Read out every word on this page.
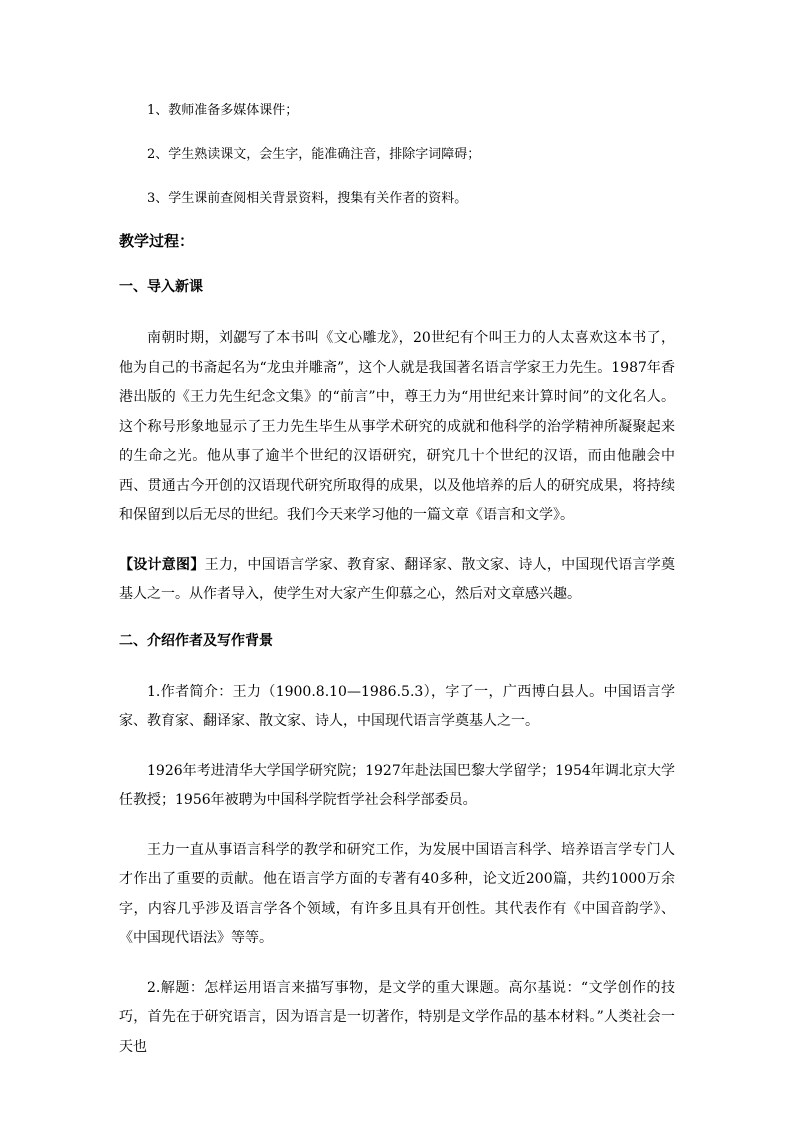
1、教师准备多媒体课件；

2、学生熟读课文，会生字，能准确注音，排除字词障碍；

3、学生课前查阅相关背景资料，搜集有关作者的资料。

教学过程：

一、导入新课

南朝时期，刘勰写了本书叫《文心雕龙》，20世纪有个叫王力的人太喜欢这本书了，他为自己的书斋起名为“龙虫并雕斋”，这个人就是我国著名语言学家王力先生。1987年香港出版的《王力先生纪念文集》的“前言”中，尊王力为“用世纪来计算时间”的文化名人。这个称号形象地显示了王力先生毕生从事学术研究的成就和他科学的治学精神所凝聚起来的生命之光。他从事了逾半个世纪的汉语研究，研究几十个世纪的汉语，而由他融会中西、贯通古今开创的汉语现代研究所取得的成果，以及他培养的后人的研究成果，将持续和保留到以后无尽的世纪。我们今天来学习他的一篇文章《语言和文学》。

【设计意图】王力，中国语言学家、教育家、翻译家、散文家、诗人，中国现代语言学奠基人之一。从作者导入，使学生对大家产生仰慕之心，然后对文章感兴趣。

二、介绍作者及写作背景

1.作者简介：王力（1900.8.10—1986.5.3），字了一，广西博白县人。中国语言学家、教育家、翻译家、散文家、诗人，中国现代语言学奠基人之一。

1926年考进清华大学国学研究院；1927年赴法国巴黎大学留学；1954年调北京大学任教授；1956年被聘为中国科学院哲学社会科学部委员。

王力一直从事语言科学的教学和研究工作，为发展中国语言科学、培养语言学专门人才作出了重要的贡献。他在语言学方面的专著有40多种，论文近200篇，共约1000万余字，内容几乎涉及语言学各个领域，有许多且具有开创性。其代表作有《中国音韵学》、《中国现代语法》等等。

2.解题：怎样运用语言来描写事物，是文学的重大课题。高尔基说：“文学创作的技巧，首先在于研究语言，因为语言是一切著作，特别是文学作品的基本材料。”人类社会一天也
